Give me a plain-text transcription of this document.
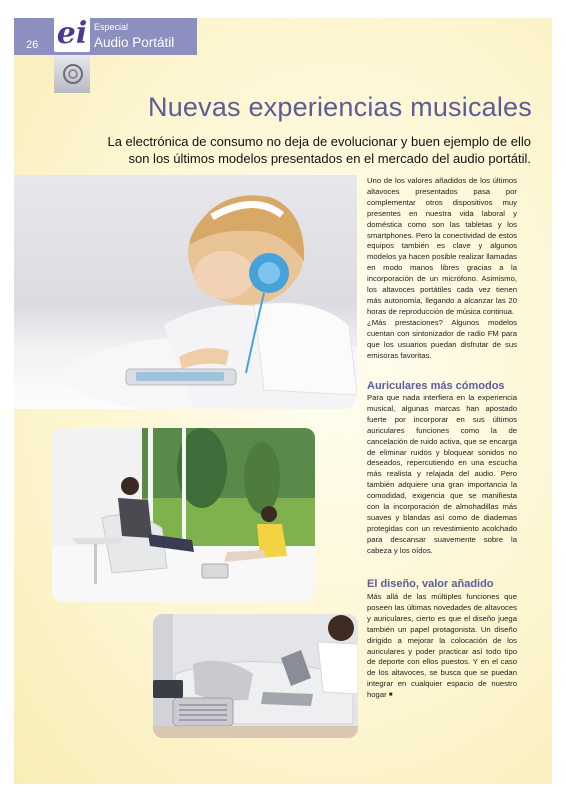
26 ei Especial
Audio Portátil
Nuevas experiencias musicales
La electrónica de consumo no deja de evolucionar y buen ejemplo de ello son los últimos modelos presentados en el mercado del audio portátil.
Uno de los valores añadidos de los últimos altavoces presentados pasa por complementar otros dispositivos muy presentes en nuestra vida laboral y doméstica como son las tabletas y los smartphones. Pero la conectividad de estos equipos también es clave y algunos modelos ya hacen posible realizar llamadas en modo manos libres gracias a la incorporación de un micrófono. Asimismo, los altavoces portátiles cada vez tienen más autonomía, llegando a alcanzar las 20 horas de reproducción de música continua.
¿Más prestaciones? Algunos modelos cuentan con sintonizador de radio FM para que los usuarios puedan disfrutar de sus emisoras favoritas.
Auriculares más cómodos
Para que nada interfiera en la experiencia musical, algunas marcas han apostado fuerte por incorporar en sus últimos auriculares funciones como la de cancelación de ruido activa, que se encarga de eliminar ruidos y bloquear sonidos no deseados, repercutiendo en una escucha más realista y relajada del audio. Pero también adquiere una gran importancia la comodidad, exigencia que se manifiesta con la incorporación de almohadillas más suaves y blandas así como de diademas protegidas con un revestimiento acolchado para descansar suavemente sobre la cabeza y los oídos.
El diseño, valor añadido
Más allá de las múltiples funciones que poseen las últimas novedades de altavoces y auriculares, cierto es que el diseño juega también un papel protagonista. Un diseño dirigido a mejorar la colocación de los auriculares y poder practicar así todo tipo de deporte con ellos puestos. Y en el caso de los altavoces, se busca que se puedan integrar en cualquier espacio de nuestro hogar ■
